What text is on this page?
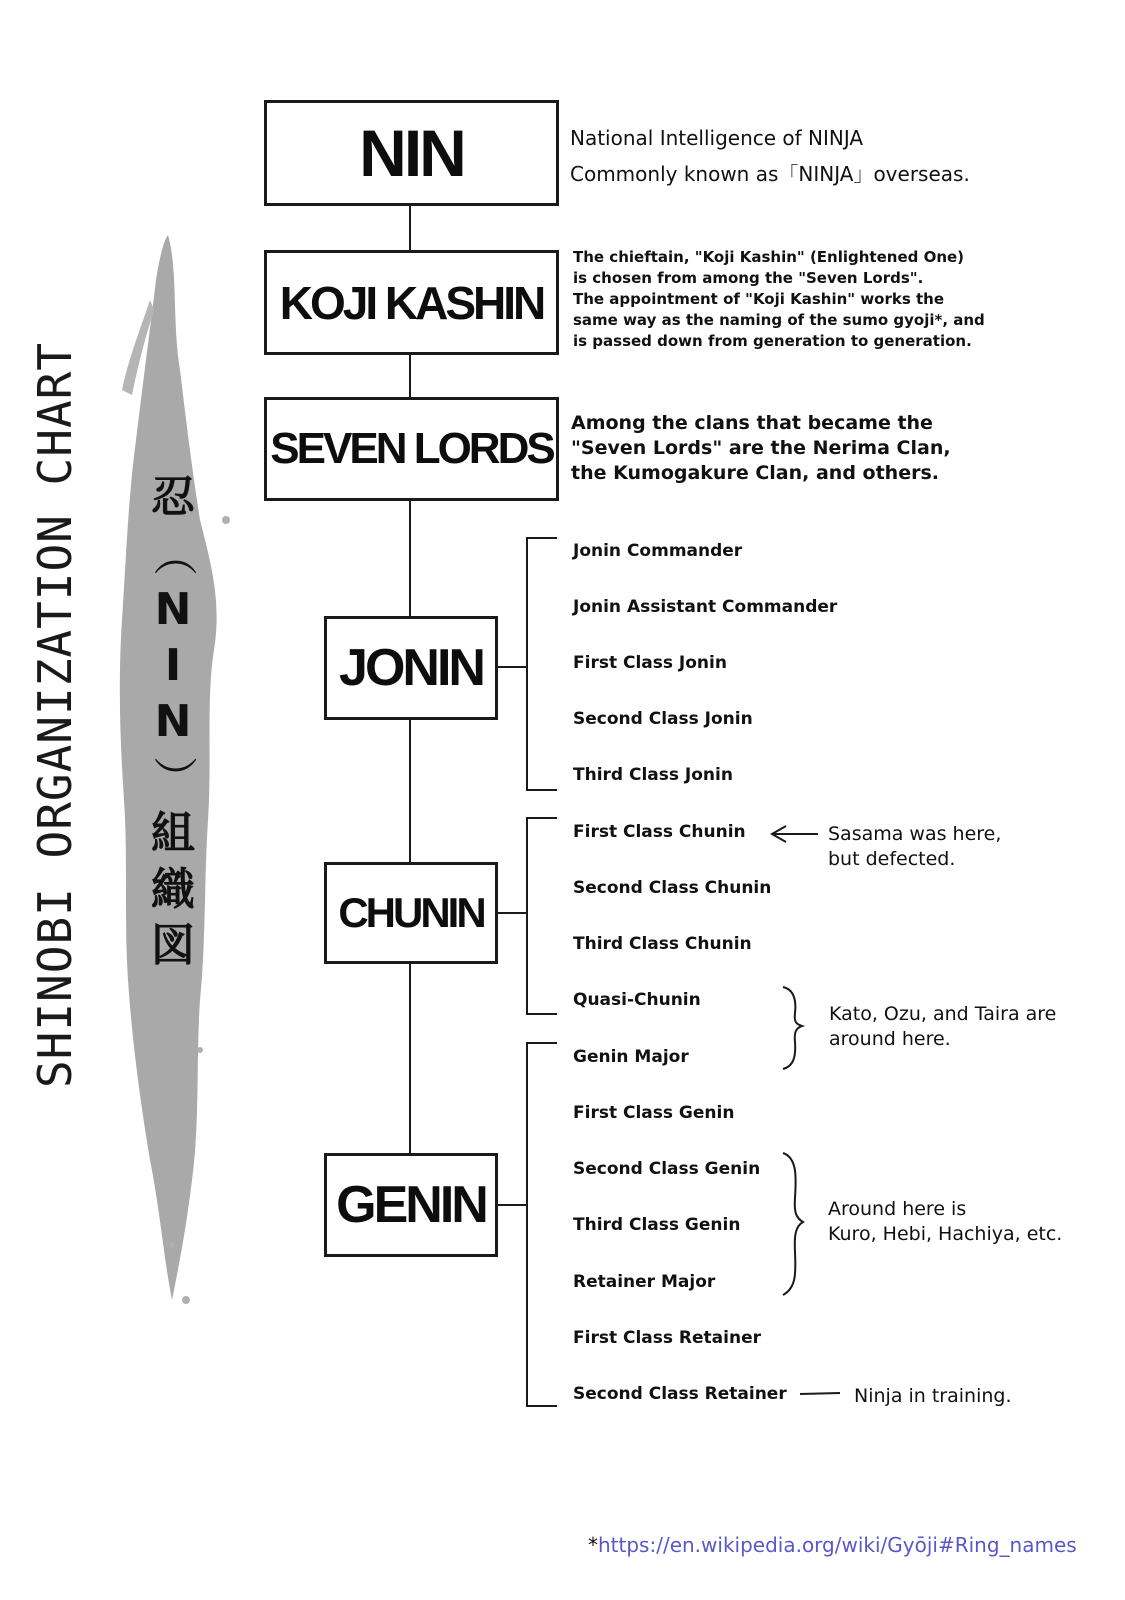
SHINOBI ORGANIZATION CHART 忍
（
N
I
N
）
組
織
図
NIN
KOJI KASHIN
SEVEN LORDS
JONIN
CHUNIN
GENIN
National Intelligence of NINJA
Commonly known as「NINJA」overseas.
The chieftain, "Koji Kashin" (Enlightened One)
is chosen from among the "Seven Lords".
The appointment of "Koji Kashin" works the
same way as the naming of the sumo gyoji*, and
is passed down from generation to generation.
Among the clans that became the
"Seven Lords" are the Nerima Clan,
the Kumogakure Clan, and others.
Jonin Commander
Jonin Assistant Commander
First Class Jonin
Second Class Jonin
Third Class Jonin
First Class Chunin
Second Class Chunin
Third Class Chunin
Quasi-Chunin
Genin Major
First Class Genin
Second Class Genin
Third Class Genin
Retainer Major
First Class Retainer
Second Class Retainer
Sasama was here,
but defected.
Kato, Ozu, and Taira are
around here.
Around here is
Kuro, Hebi, Hachiya, etc.
Ninja in training.
*https://en.wikipedia.org/wiki/Gyōji#Ring_names
